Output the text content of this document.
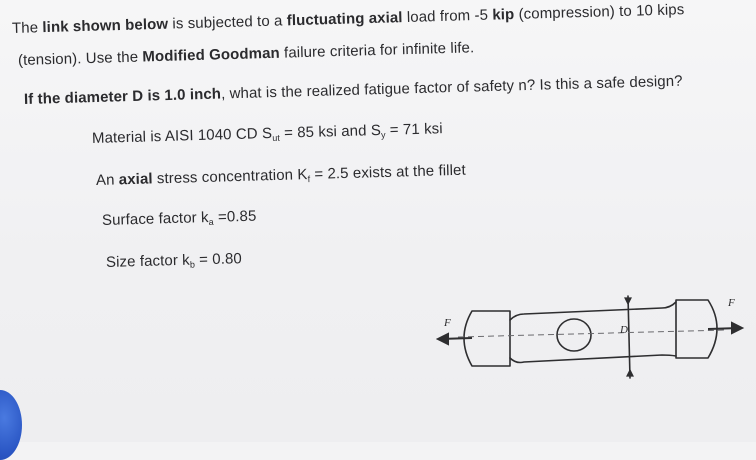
The link shown below is subjected to a fluctuating axial load from -5 kip (compression) to 10 kips
(tension). Use the Modified Goodman failure criteria for infinite life.
If the diameter D is 1.0 inch, what is the realized fatigue factor of safety n? Is this a safe design?
Material is AISI 1040 CD $S_{ut} = 85$ ksi and $S_y = 71$ ksi
An axial stress concentration $K_f = 2.5$ exists at the fillet
Surface factor $k_a =0.85$
Size factor $k_b = 0.80$
F
F
D
